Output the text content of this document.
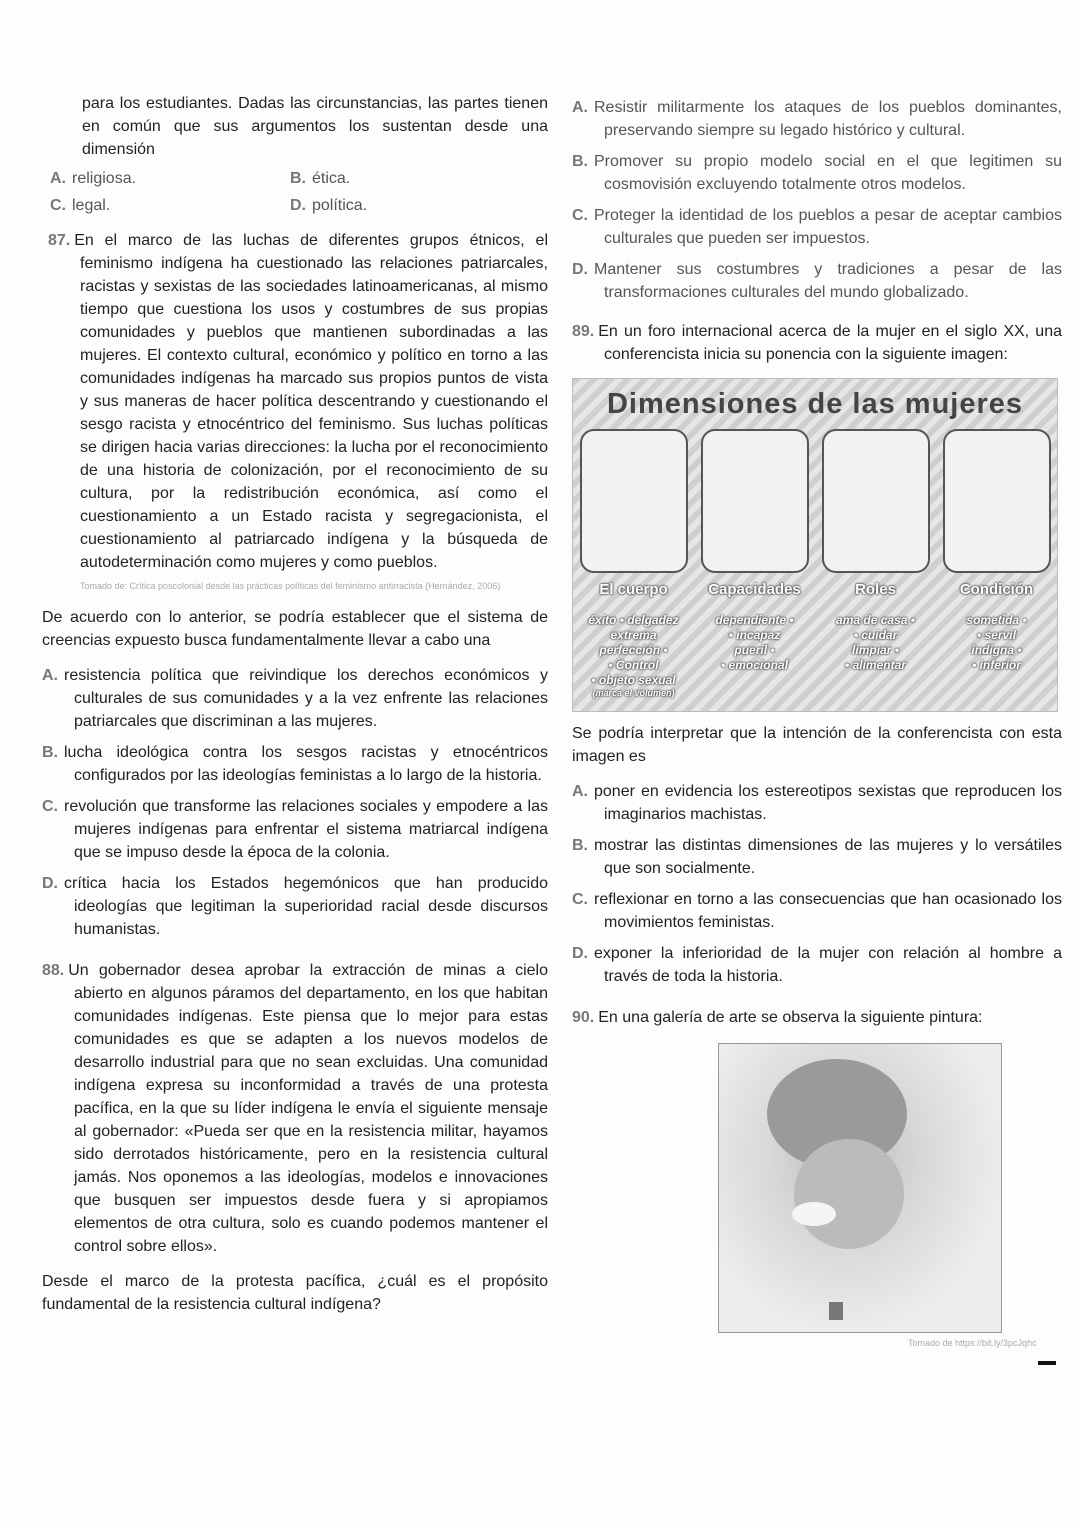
para los estudiantes. Dadas las circunstancias, las partes tienen en común que sus argumentos los sustentan desde una dimensión
A. religiosa.	B. ética.
C. legal.	D. política.
87. En el marco de las luchas de diferentes grupos étnicos, el feminismo indígena ha cuestionado las relaciones patriarcales, racistas y sexistas de las sociedades latinoamericanas, al mismo tiempo que cuestiona los usos y costumbres de sus propias comunidades y pueblos que mantienen subordinadas a las mujeres. El contexto cultural, económico y político en torno a las comunidades indígenas ha marcado sus propios puntos de vista y sus maneras de hacer política descentrando y cuestionando el sesgo racista y etnocéntrico del feminismo. Sus luchas políticas se dirigen hacia varias direcciones: la lucha por el reconocimiento de una historia de colonización, por el reconocimiento de su cultura, por la redistribución económica, así como el cuestionamiento a un Estado racista y segregacionista, el cuestionamiento al patriarcado indígena y la búsqueda de autodeterminación como mujeres y como pueblos.
Tomado de: Crítica poscolonial desde las prácticas políticas del feminismo antirracista (Hernández, 2006)
De acuerdo con lo anterior, se podría establecer que el sistema de creencias expuesto busca fundamentalmente llevar a cabo una
A. resistencia política que reivindique los derechos económicos y culturales de sus comunidades y a la vez enfrente las relaciones patriarcales que discriminan a las mujeres.
B. lucha ideológica contra los sesgos racistas y etnocéntricos configurados por las ideologías feministas a lo largo de la historia.
C. revolución que transforme las relaciones sociales y empodere a las mujeres indígenas para enfrentar el sistema matriarcal indígena que se impuso desde la época de la colonia.
D. crítica hacia los Estados hegemónicos que han producido ideologías que legitiman la superioridad racial desde discursos humanistas.
88. Un gobernador desea aprobar la extracción de minas a cielo abierto en algunos páramos del departamento, en los que habitan comunidades indígenas. Este piensa que lo mejor para estas comunidades es que se adapten a los nuevos modelos de desarrollo industrial para que no sean excluidas. Una comunidad indígena expresa su inconformidad a través de una protesta pacífica, en la que su líder indígena le envía el siguiente mensaje al gobernador: «Pueda ser que en la resistencia militar, hayamos sido derrotados históricamente, pero en la resistencia cultural jamás. Nos oponemos a las ideologías, modelos e innovaciones que busquen ser impuestos desde fuera y si apropiamos elementos de otra cultura, solo es cuando podemos mantener el control sobre ellos».
Desde el marco de la protesta pacífica, ¿cuál es el propósito fundamental de la resistencia cultural indígena?
A. Resistir militarmente los ataques de los pueblos dominantes, preservando siempre su legado histórico y cultural.
B. Promover su propio modelo social en el que legitimen su cosmovisión excluyendo totalmente otros modelos.
C. Proteger la identidad de los pueblos a pesar de aceptar cambios culturales que pueden ser impuestos.
D. Mantener sus costumbres y tradiciones a pesar de las transformaciones culturales del mundo globalizado.
89. En un foro internacional acerca de la mujer en el siglo XX, una conferencista inicia su ponencia con la siguiente imagen:
Dimensiones de las mujeres
El cuerpo
éxito • delgadez extrema
perfección •
• Control
• objeto sexual
(marca el volumen)
Capacidades
dependiente •
• incapaz
pueril •
• emocional
Roles
ama de casa •
• cuidar
limpiar •
• alimentar
Condición
sometida •
• servil
indigna •
• inferior
Se podría interpretar que la intención de la conferencista con esta imagen es
A. poner en evidencia los estereotipos sexistas que reproducen los imaginarios machistas.
B. mostrar las distintas dimensiones de las mujeres y lo versátiles que son socialmente.
C. reflexionar en torno a las consecuencias que han ocasionado los movimientos feministas.
D. exponer la inferioridad de la mujer con relación al hombre a través de toda la historia.
90. En una galería de arte se observa la siguiente pintura:
Tomado de https://bit.ly/3pcJqhc
